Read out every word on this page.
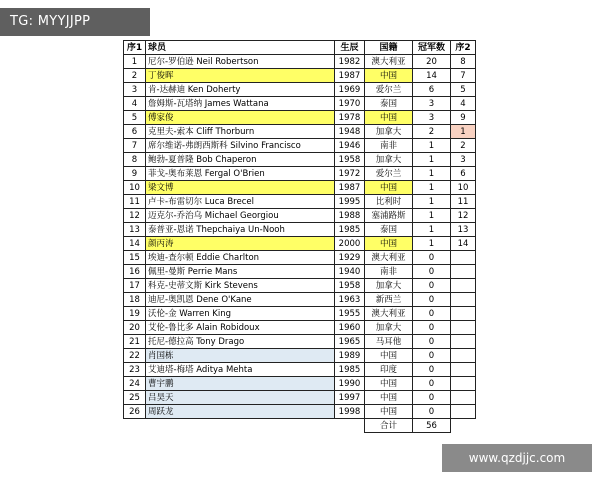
TG: MYYJJPP
序1	球员	生辰	国籍	冠军数	序2
1	尼尔-罗伯逊 Neil Robertson	1982	澳大利亚	20	8
2	丁俊晖	1987	中国	14	7
3	肯-达赫迪 Ken Doherty	1969	爱尔兰	6	5
4	詹姆斯-瓦塔纳 James Wattana	1970	泰国	3	4
5	傅家俊	1978	中国	3	9
6	克里夫-索本 Cliff Thorburn	1948	加拿大	2	1
7	席尔维诺-弗朗西斯科 Silvino Francisco	1946	南非	1	2
8	鲍勃-夏普隆 Bob Chaperon	1958	加拿大	1	3
9	菲戈-奥布莱恩 Fergal O'Brien	1972	爱尔兰	1	6
10	梁文博	1987	中国	1	10
11	卢卡-布雷切尔 Luca Brecel	1995	比利时	1	11
12	迈克尔-乔治乌 Michael Georgiou	1988	塞浦路斯	1	12
13	泰普亚-恩诺 Thepchaiya Un-Nooh	1985	泰国	1	13
14	颜丙涛	2000	中国	1	14
15	埃迪-查尔顿 Eddie Charlton	1929	澳大利亚	0	
16	佩里-曼斯 Perrie Mans	1940	南非	0	
17	科克-史蒂文斯 Kirk Stevens	1958	加拿大	0	
18	迪尼-奥凯恩 Dene O'Kane	1963	新西兰	0	
19	沃伦-金 Warren King	1955	澳大利亚	0	
20	艾伦-鲁比多 Alain Robidoux	1960	加拿大	0	
21	托尼-德拉高 Tony Drago	1965	马耳他	0	
22	肖国栋	1989	中国	0	
23	艾迪塔-梅塔 Aditya Mehta	1985	印度	0	
24	曹宇鹏	1990	中国	0	
25	吕昊天	1997	中国	0	
26	周跃龙	1998	中国	0	
			合计	56	
www.qzdjjc.com
